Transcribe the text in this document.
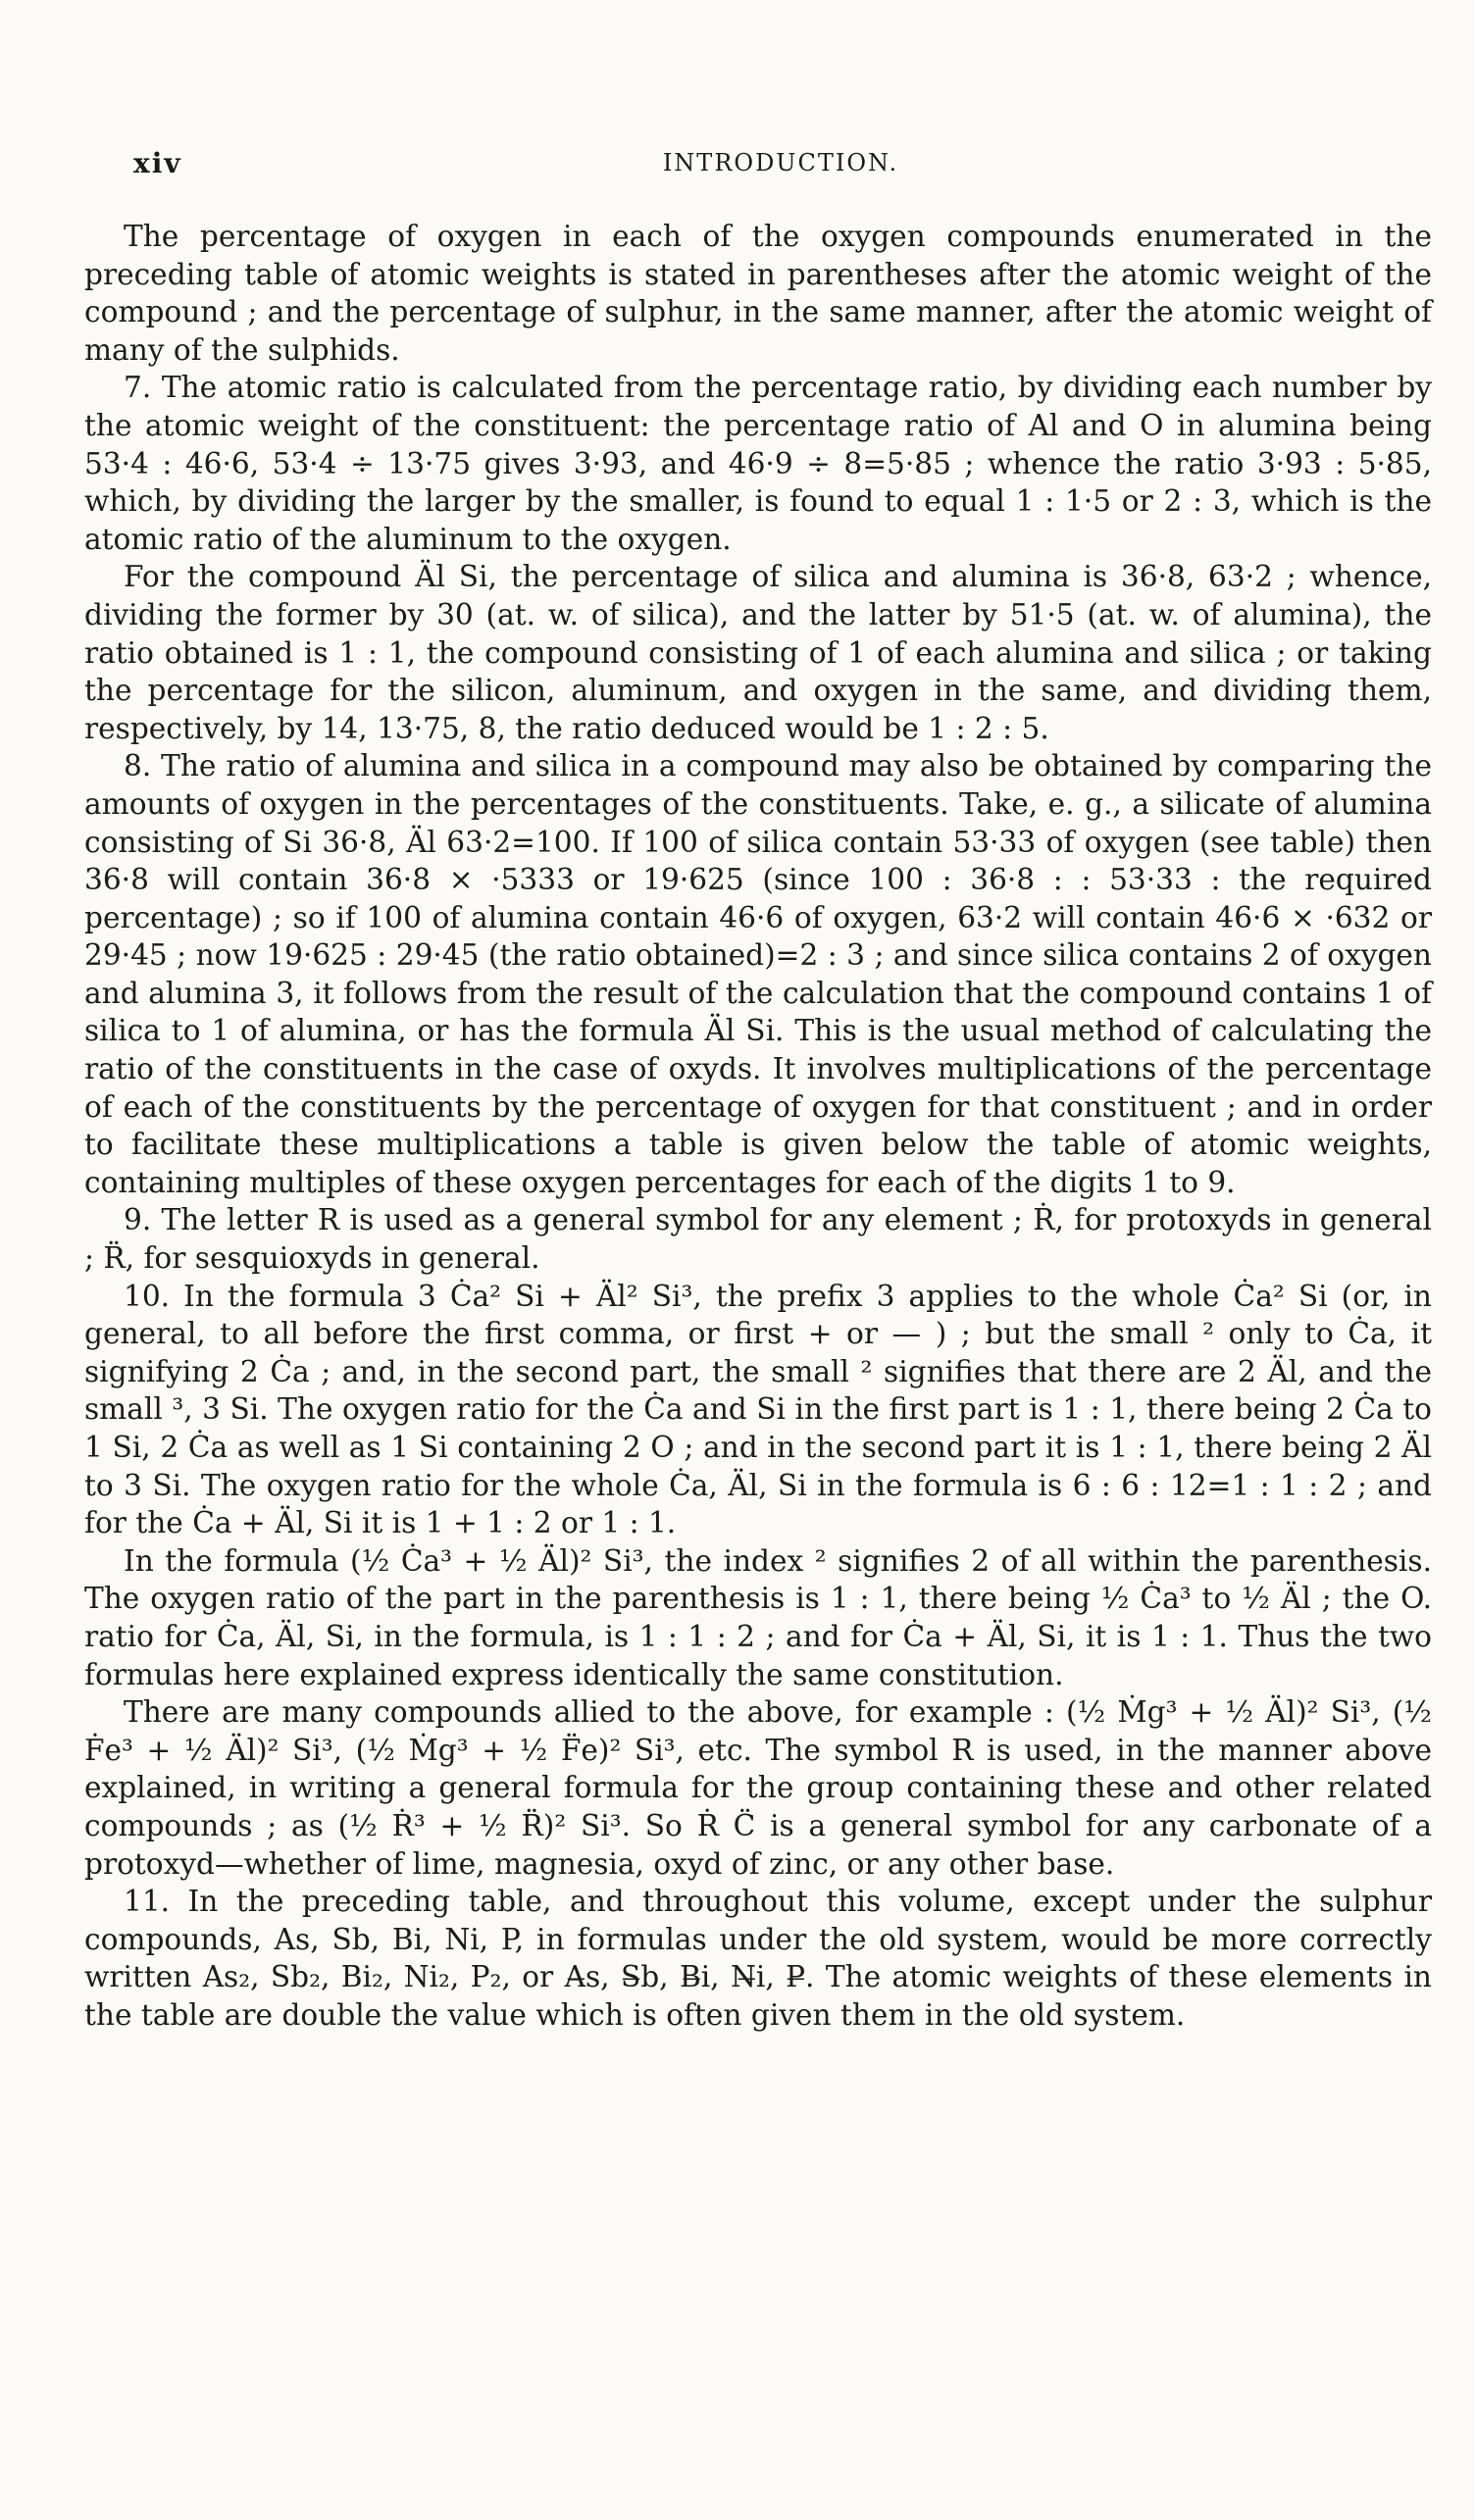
xiv	INTRODUCTION.

The percentage of oxygen in each of the oxygen compounds enumerated in the preceding table of atomic weights is stated in parentheses after the atomic weight of the compound ; and the percentage of sulphur, in the same manner, after the atomic weight of many of the sulphids.

7. The atomic ratio is calculated from the percentage ratio, by dividing each number by the atomic weight of the constituent: the percentage ratio of Al and O in alumina being 53·4 : 46·6, 53·4 ÷ 13·75 gives 3·93, and 46·9 ÷ 8=5·85 ; whence the ratio 3·93 : 5·85, which, by dividing the larger by the smaller, is found to equal 1 : 1·5 or 2 : 3, which is the atomic ratio of the aluminum to the oxygen.

For the compound Äl Si, the percentage of silica and alumina is 36·8, 63·2 ; whence, dividing the former by 30 (at. w. of silica), and the latter by 51·5 (at. w. of alumina), the ratio obtained is 1 : 1, the compound consisting of 1 of each alumina and silica ; or taking the percentage for the silicon, aluminum, and oxygen in the same, and dividing them, respectively, by 14, 13·75, 8, the ratio deduced would be 1 : 2 : 5.

8. The ratio of alumina and silica in a compound may also be obtained by comparing the amounts of oxygen in the percentages of the constituents. Take, e. g., a silicate of alumina consisting of Si 36·8, Äl 63·2=100. If 100 of silica contain 53·33 of oxygen (see table) then 36·8 will contain 36·8 × ·5333 or 19·625 (since 100 : 36·8 : : 53·33 : the required percentage) ; so if 100 of alumina contain 46·6 of oxygen, 63·2 will contain 46·6 × ·632 or 29·45 ; now 19·625 : 29·45 (the ratio obtained)=2 : 3 ; and since silica contains 2 of oxygen and alumina 3, it follows from the result of the calculation that the compound contains 1 of silica to 1 of alumina, or has the formula Äl Si. This is the usual method of calculating the ratio of the constituents in the case of oxyds. It involves multiplications of the percentage of each of the constituents by the percentage of oxygen for that constituent ; and in order to facilitate these multiplications a table is given below the table of atomic weights, containing multiples of these oxygen percentages for each of the digits 1 to 9.

9. The letter R is used as a general symbol for any element ; Ṙ, for protoxyds in general ; R̈, for sesquioxyds in general.

10. In the formula 3 Ċa² Si + Äl² Si³, the prefix 3 applies to the whole Ċa² Si (or, in general, to all before the first comma, or first + or — ) ; but the small ² only to Ċa, it signifying 2 Ċa ; and, in the second part, the small ² signifies that there are 2 Äl, and the small ³, 3 Si. The oxygen ratio for the Ċa and Si in the first part is 1 : 1, there being 2 Ċa to 1 Si, 2 Ċa as well as 1 Si containing 2 O ; and in the second part it is 1 : 1, there being 2 Äl to 3 Si. The oxygen ratio for the whole Ċa, Äl, Si in the formula is 6 : 6 : 12=1 : 1 : 2 ; and for the Ċa + Äl, Si it is 1 + 1 : 2 or 1 : 1.

In the formula (½ Ċa³ + ½ Äl)² Si³, the index ² signifies 2 of all within the parenthesis. The oxygen ratio of the part in the parenthesis is 1 : 1, there being ½ Ċa³ to ½ Äl ; the O. ratio for Ċa, Äl, Si, in the formula, is 1 : 1 : 2 ; and for Ċa + Äl, Si, it is 1 : 1. Thus the two formulas here explained express identically the same constitution.

There are many compounds allied to the above, for example : (½ Ṁg³ + ½ Äl)² Si³, (½ Ḟe³ + ½ Äl)² Si³, (½ Ṁg³ + ½ F̈e)² Si³, etc. The symbol R is used, in the manner above explained, in writing a general formula for the group containing these and other related compounds ; as (½ Ṙ³ + ½ R̈)² Si³. So Ṙ C̈ is a general symbol for any carbonate of a protoxyd—whether of lime, magnesia, oxyd of zinc, or any other base.

11. In the preceding table, and throughout this volume, except under the sulphur compounds, As, Sb, Bi, Ni, P, in formulas under the old system, would be more correctly written As₂, Sb₂, Bi₂, Ni₂, P₂, or A̶s, S̶b, B̶i, N̶i, P̶. The atomic weights of these elements in the table are double the value which is often given them in the old system.
